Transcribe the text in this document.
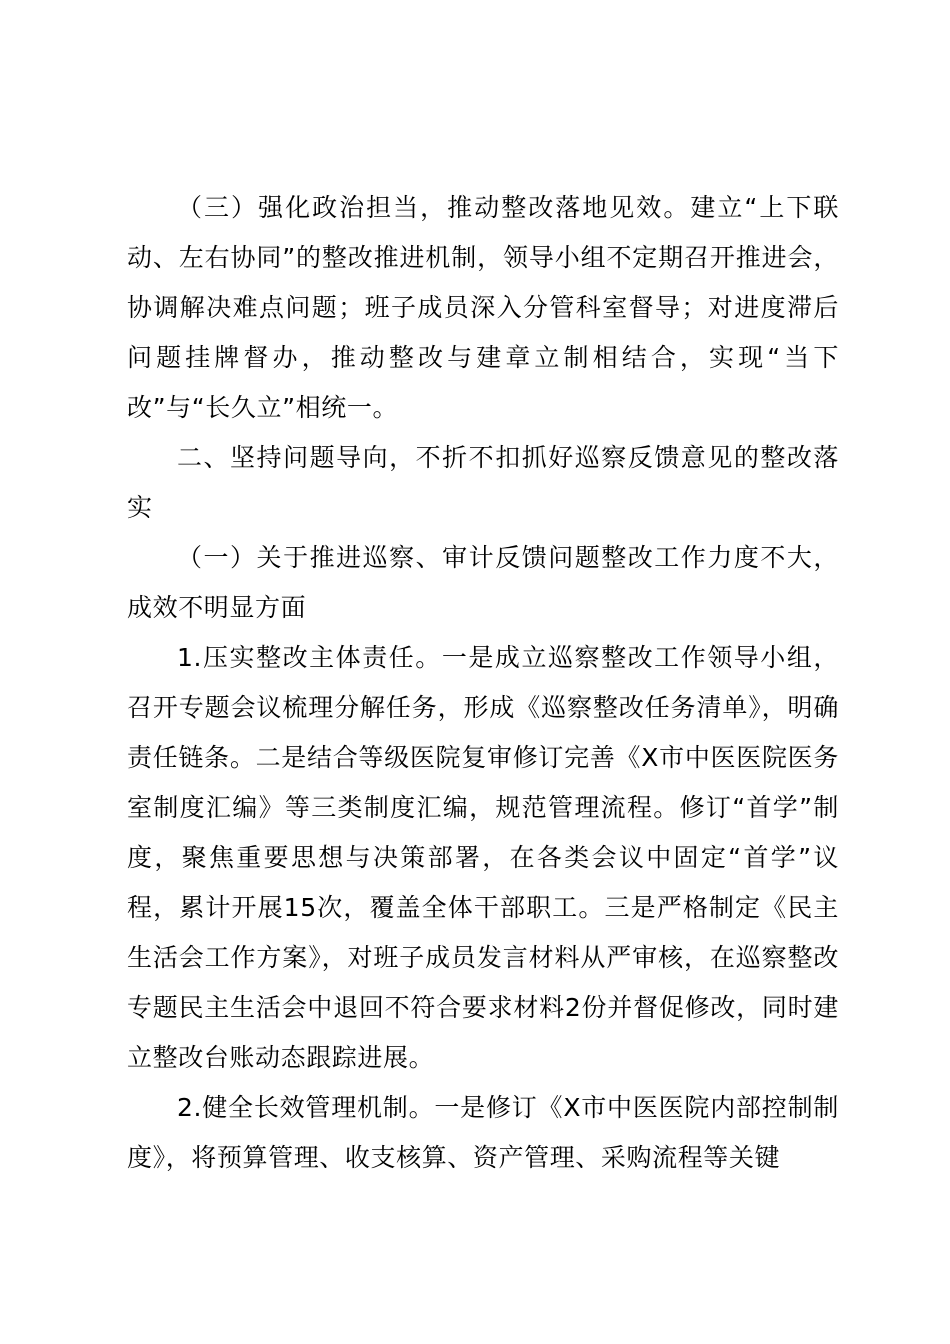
（三）强化政治担当，推动整改落地见效。建立“上下联动、左右协同”的整改推进机制，领导小组不定期召开推进会，协调解决难点问题；班子成员深入分管科室督导；对进度滞后问题挂牌督办，推动整改与建章立制相结合，实现“当下改”与“长久立”相统一。

二、坚持问题导向，不折不扣抓好巡察反馈意见的整改落实

（一）关于推进巡察、审计反馈问题整改工作力度不大，成效不明显方面

1.压实整改主体责任。一是成立巡察整改工作领导小组，召开专题会议梳理分解任务，形成《巡察整改任务清单》，明确责任链条。二是结合等级医院复审修订完善《X市中医医院医务室制度汇编》等三类制度汇编，规范管理流程。修订“首学”制度，聚焦重要思想与决策部署，在各类会议中固定“首学”议程，累计开展15次，覆盖全体干部职工。三是严格制定《民主生活会工作方案》，对班子成员发言材料从严审核，在巡察整改专题民主生活会中退回不符合要求材料2份并督促修改，同时建立整改台账动态跟踪进展。

2.健全长效管理机制。一是修订《X市中医医院内部控制制度》，将预算管理、收支核算、资产管理、采购流程等关键
